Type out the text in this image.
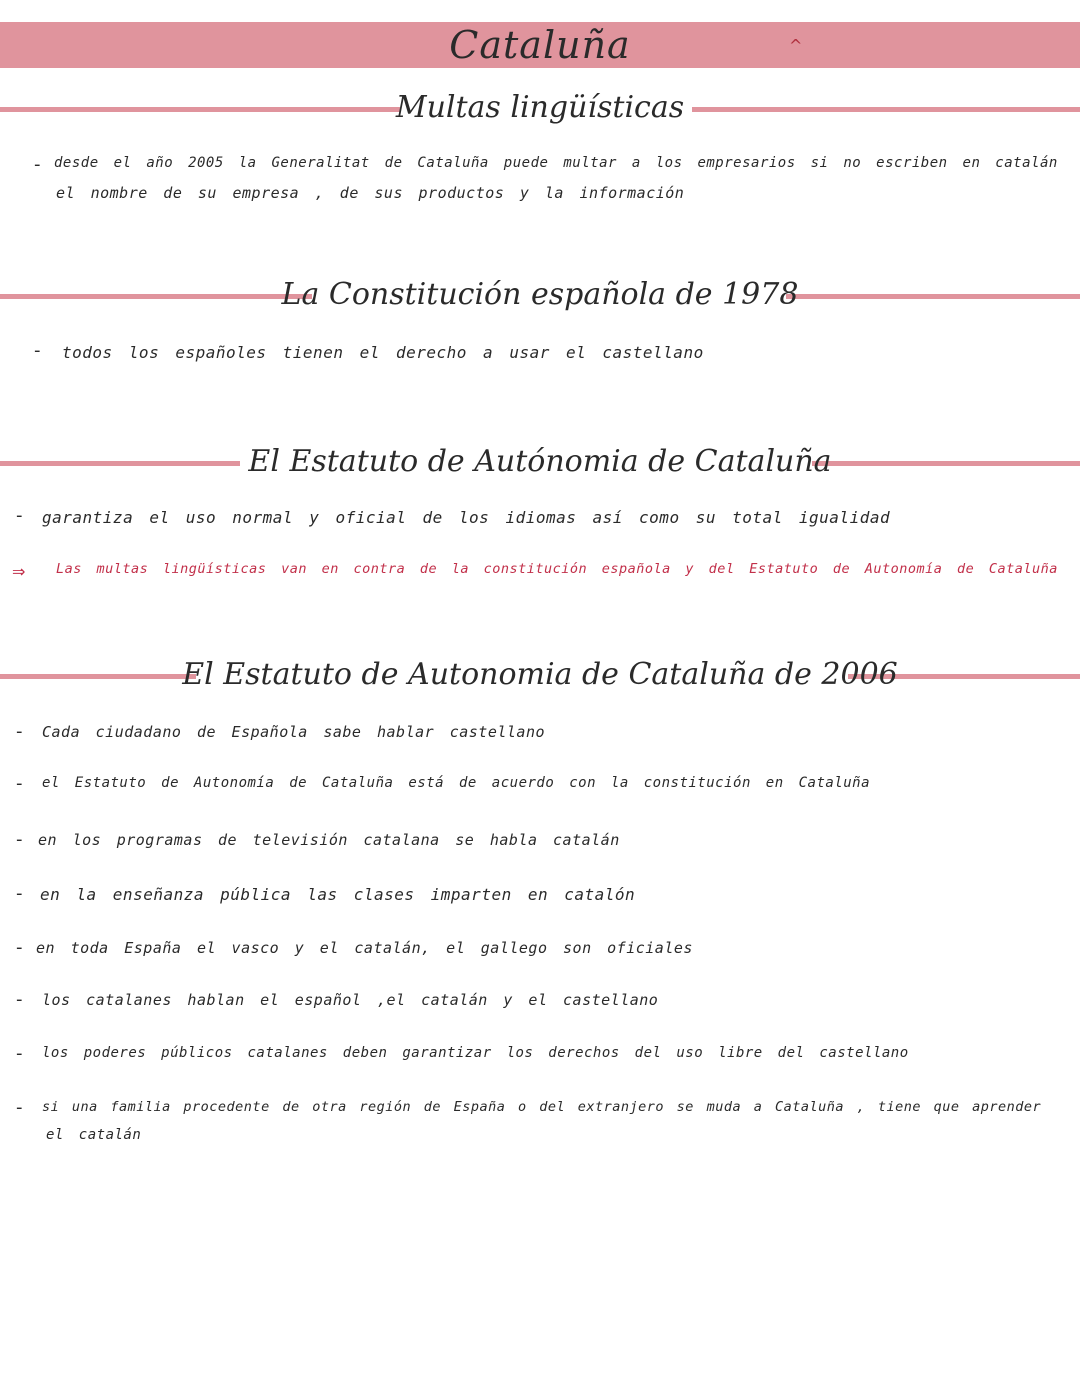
Cataluña	^
Multas lingüísticas
- desde el año 2005 la Generalitat de Cataluña puede multar a los empresarios si no escriben en catalán
el nombre de su empresa , de sus productos y la información
La Constitución española de 1978
- todos los españoles tienen el derecho a usar el castellano
El Estatuto de Autónomia de Cataluña
- garantiza el uso normal y oficial de los idiomas así como su total igualidad
⇒ Las multas lingüísticas van en contra de la constitución española y del Estatuto de Autonomía de Cataluña
El Estatuto de Autonomia de Cataluña de 2006
- Cada ciudadano de Española sabe hablar castellano
- el Estatuto de Autonomía de Cataluña está de acuerdo con la constitución en Cataluña
- en los programas de televisión catalana se habla catalán
- en la enseñanza pública las clases imparten en catalón
- en toda España el vasco y el catalán, el gallego son oficiales
- los catalanes hablan el español ,el catalán y el castellano
- los poderes públicos catalanes deben garantizar los derechos del uso libre del castellano
- si una familia procedente de otra región de España o del extranjero se muda a Cataluña , tiene que aprender
el catalán
